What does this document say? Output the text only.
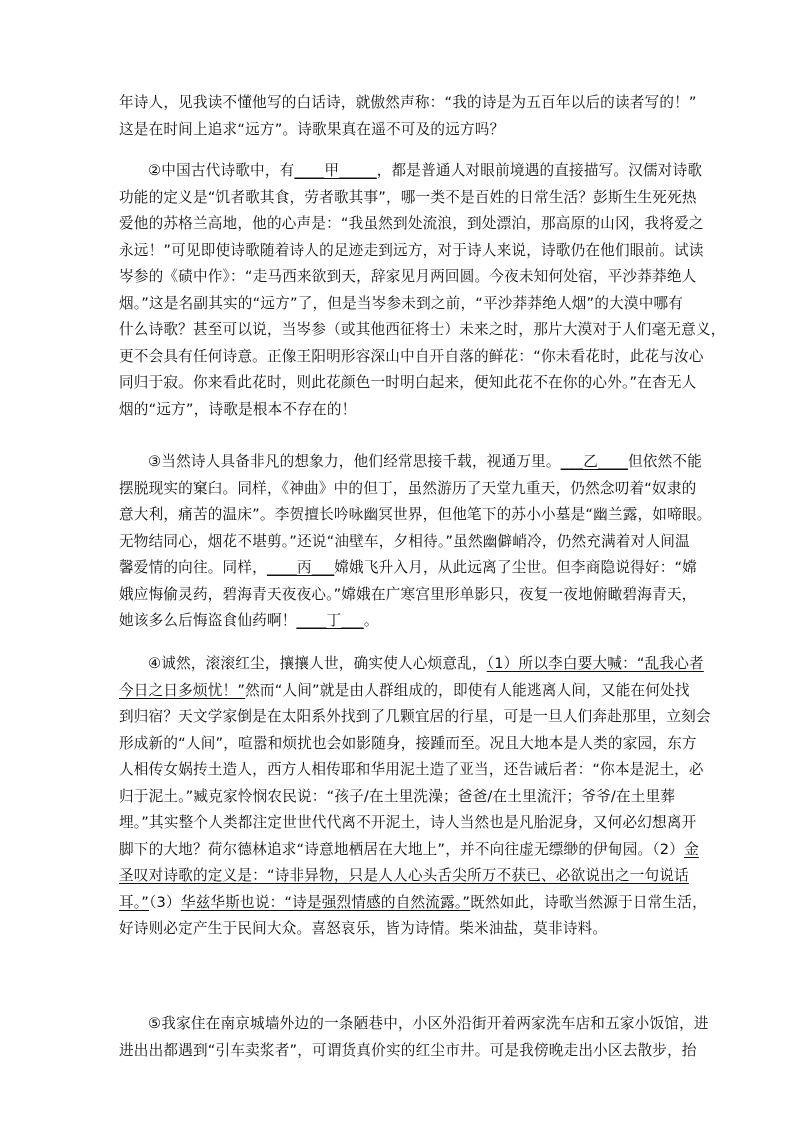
年诗人，见我读不懂他写的白话诗，就傲然声称：“我的诗是为五百年以后的读者写的！”
这是在时间上追求“远方”。诗歌果真在遥不可及的远方吗？
②中国古代诗歌中，有____甲_____，都是普通人对眼前境遇的直接描写。汉儒对诗歌
功能的定义是“饥者歌其食，劳者歌其事”，哪一类不是百姓的日常生活？彭斯生生死死热
爱他的苏格兰高地，他的心声是：“我虽然到处流浪，到处漂泊，那高原的山冈，我将爱之
永远！”可见即使诗歌随着诗人的足迹走到远方，对于诗人来说，诗歌仍在他们眼前。试读
岑参的《碛中作》：“走马西来欲到天，辞家见月两回圆。今夜未知何处宿，平沙莽莽绝人
烟。”这是名副其实的“远方”了，但是当岑参未到之前，“平沙莽莽绝人烟”的大漠中哪有
什么诗歌？甚至可以说，当岑参（或其他西征将士）未来之时，那片大漠对于人们毫无意义，
更不会具有任何诗意。正像王阳明形容深山中自开自落的鲜花：“你未看花时，此花与汝心
同归于寂。你来看此花时，则此花颜色一时明白起来，便知此花不在你的心外。”在杳无人
烟的“远方”，诗歌是根本不存在的！
③当然诗人具备非凡的想象力，他们经常思接千载，视通万里。___乙____但依然不能
摆脱现实的窠臼。同样，《神曲》中的但丁，虽然游历了天堂九重天，仍然念叨着“奴隶的
意大利，痛苦的温床”。李贺擅长吟咏幽冥世界，但他笔下的苏小小墓是“幽兰露，如啼眼。
无物结同心，烟花不堪剪。”还说“油壁车，夕相待。”虽然幽僻峭冷，仍然充满着对人间温
馨爱情的向往。同样，____丙___嫦娥飞升入月，从此远离了尘世。但李商隐说得好：“嫦
娥应悔偷灵药，碧海青天夜夜心。”嫦娥在广寒宫里形单影只，夜复一夜地俯瞰碧海青天，
她该多么后悔盗食仙药啊！____丁___。
④诚然，滚滚红尘，攘攘人世，确实使人心烦意乱，（1）所以李白要大喊：“乱我心者
今日之日多烦忧！”然而“人间”就是由人群组成的，即使有人能逃离人间，又能在何处找
到归宿？天文学家倒是在太阳系外找到了几颗宜居的行星，可是一旦人们奔赴那里，立刻会
形成新的“人间”，喧嚣和烦扰也会如影随身，接踵而至。况且大地本是人类的家园，东方
人相传女娲抟土造人，西方人相传耶和华用泥土造了亚当，还告诫后者：“你本是泥土，必
归于泥土。”臧克家怜悯农民说：“孩子/在土里洗澡；爸爸/在土里流汗；爷爷/在土里葬
埋。”其实整个人类都注定世世代代离不开泥土，诗人当然也是凡胎泥身，又何必幻想离开
脚下的大地？荷尔德林追求“诗意地栖居在大地上”，并不向往虚无缥缈的伊甸园。（2）金
圣叹对诗歌的定义是：“诗非异物，只是人人心头舌尖所万不获已、必欲说出之一句说话
耳。”（3）华兹华斯也说：“诗是强烈情感的自然流露。”既然如此，诗歌当然源于日常生活，
好诗则必定产生于民间大众。喜怒哀乐，皆为诗情。柴米油盐，莫非诗料。
⑤我家住在南京城墙外边的一条陋巷中，小区外沿街开着两家洗车店和五家小饭馆，进
进出出都遇到“引车卖浆者”，可谓货真价实的红尘市井。可是我傍晚走出小区去散步，抬
